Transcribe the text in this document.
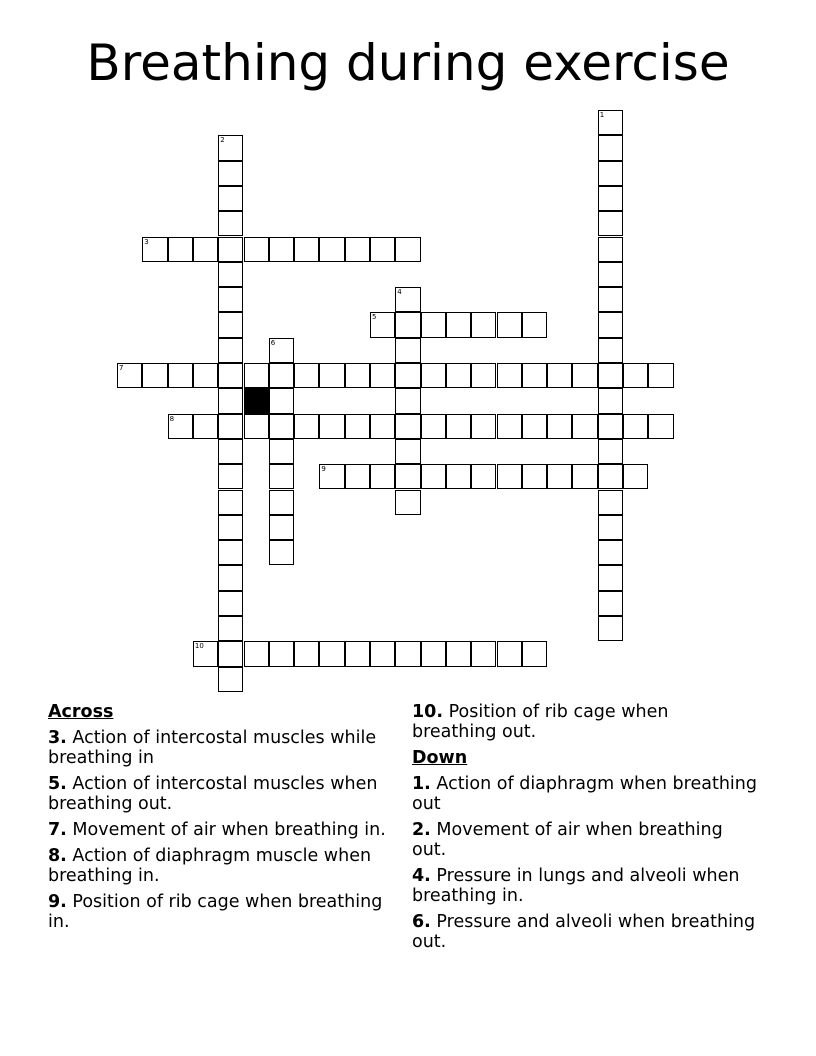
Breathing during exercise
3
5
7
8
9
10
1
2
4
6
Across
3. Action of intercostal muscles while breathing in
5. Action of intercostal muscles when breathing out.
7. Movement of air when breathing in.
8. Action of diaphragm muscle when breathing in.
9. Position of rib cage when breathing in.
10. Position of rib cage when breathing out.
Down
1. Action of diaphragm when breathing out
2. Movement of air when breathing out.
4. Pressure in lungs and alveoli when breathing in.
6. Pressure and alveoli when breathing out.
